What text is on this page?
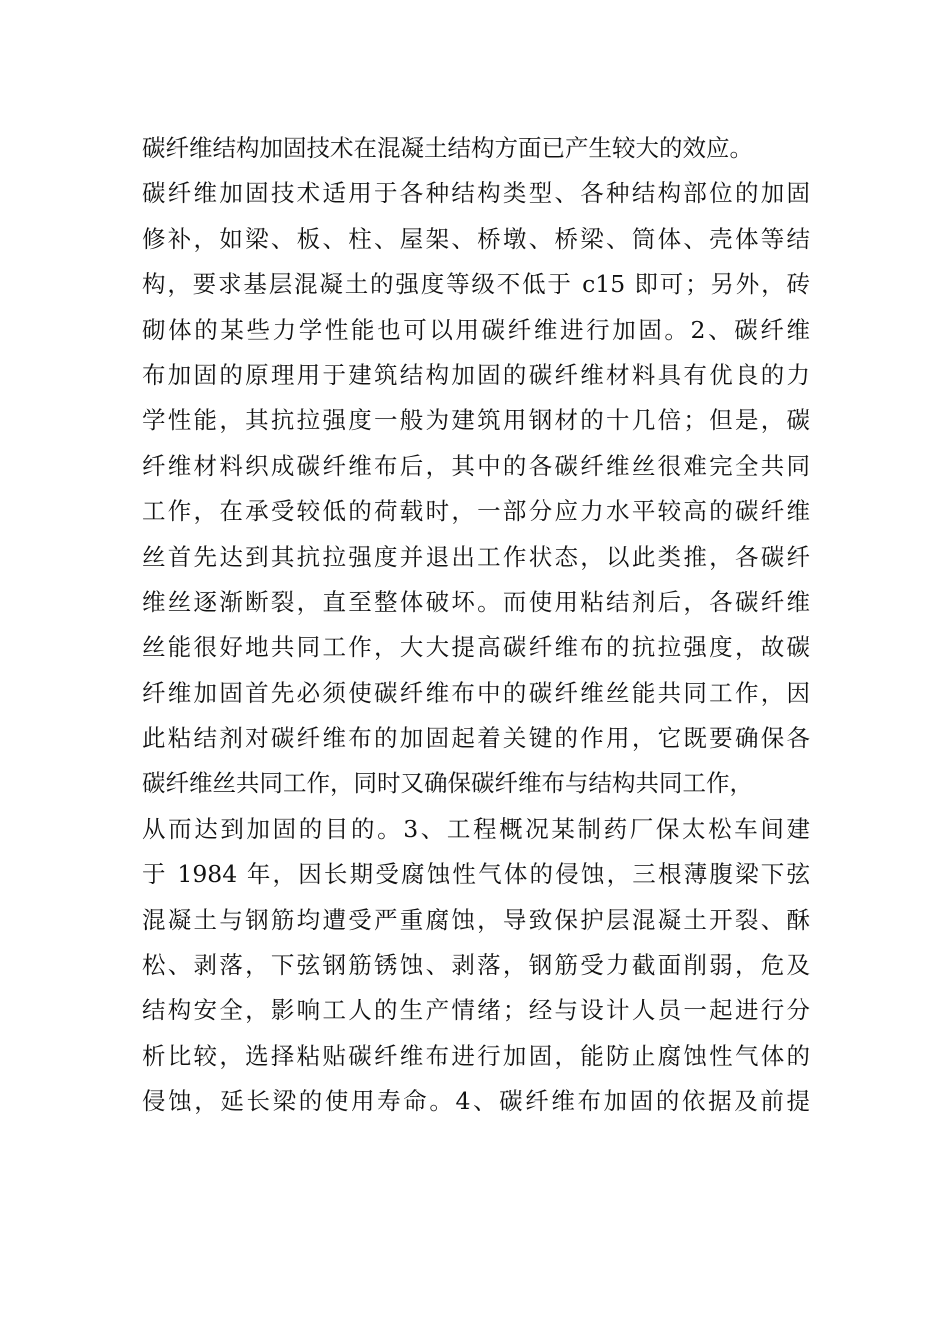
碳纤维结构加固技术在混凝土结构方面已产生较大的效应。
碳纤维加固技术适用于各种结构类型、各种结构部位的加固
修补，如梁、板、柱、屋架、桥墩、桥梁、筒体、壳体等结
构，要求基层混凝土的强度等级不低于 c15 即可；另外，砖
砌体的某些力学性能也可以用碳纤维进行加固。2、碳纤维
布加固的原理用于建筑结构加固的碳纤维材料具有优良的力
学性能，其抗拉强度一般为建筑用钢材的十几倍；但是，碳
纤维材料织成碳纤维布后，其中的各碳纤维丝很难完全共同
工作，在承受较低的荷载时，一部分应力水平较高的碳纤维
丝首先达到其抗拉强度并退出工作状态，以此类推，各碳纤
维丝逐渐断裂，直至整体破坏。而使用粘结剂后，各碳纤维
丝能很好地共同工作，大大提高碳纤维布的抗拉强度，故碳
纤维加固首先必须使碳纤维布中的碳纤维丝能共同工作，因
此粘结剂对碳纤维布的加固起着关键的作用，它既要确保各
碳纤维丝共同工作，同时又确保碳纤维布与结构共同工作，
从而达到加固的目的。3、工程概况某制药厂保太松车间建
于 1984 年，因长期受腐蚀性气体的侵蚀，三根薄腹梁下弦
混凝土与钢筋均遭受严重腐蚀，导致保护层混凝土开裂、酥
松、剥落，下弦钢筋锈蚀、剥落，钢筋受力截面削弱，危及
结构安全，影响工人的生产情绪；经与设计人员一起进行分
析比较，选择粘贴碳纤维布进行加固，能防止腐蚀性气体的
侵蚀，延长梁的使用寿命。4、碳纤维布加固的依据及前提
